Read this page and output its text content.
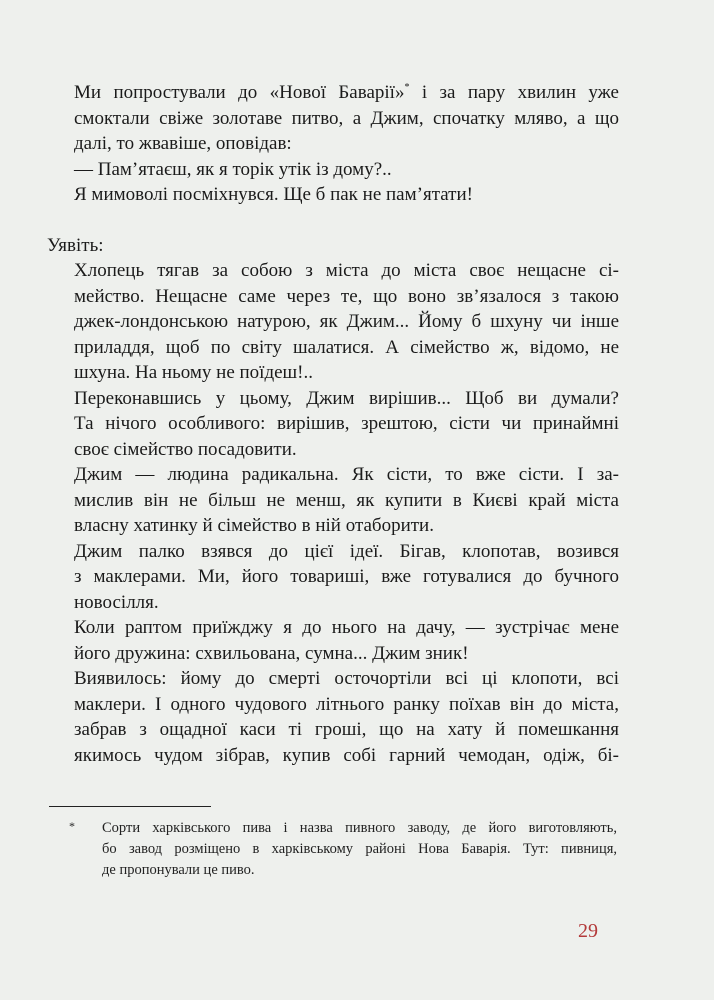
Ми попростували до «Нової Баварії»* і за пару хвилин уже
смоктали свіже золотаве питво, а Джим, спочатку мляво, а що
далі, то жвавіше, оповідав:

— Пам’ятаєш, як я торік утік із дому?..

Я мимоволі посміхнувся. Ще б пак не пам’ятати!

Уявіть:

Хлопець тягав за собою з міста до міста своє нещасне сі-
мейство. Нещасне саме через те, що воно зв’язалося з такою
джек-лондонською натурою, як Джим... Йому б шхуну чи інше
приладдя, щоб по світу шалатися. А сімейство ж, відомо, не
шхуна. На ньому не поїдеш!..

Переконавшись у цьому, Джим вирішив... Щоб ви думали?
Та нічого особливого: вирішив, зрештою, сісти чи принаймні
своє сімейство посадовити.

Джим — людина радикальна. Як сісти, то вже сісти. І за-
мислив він не більш не менш, як купити в Києві край міста
власну хатинку й сімейство в ній отаборити.

Джим палко взявся до цієї ідеї. Бігав, клопотав, возився
з маклерами. Ми, його товариші, вже готувалися до бучного
новосілля.

Коли раптом приїжджу я до нього на дачу, — зустрічає мене
його дружина: схвильована, сумна... Джим зник!

Виявилось: йому до смерті осточортіли всі ці клопоти, всі
маклери. І одного чудового літнього ранку поїхав він до міста,
забрав з ощадної каси ті гроші, що на хату й помешкання
якимось чудом зібрав, купив собі гарний чемодан, одіж, бі-

* Сорти харківського пива і назва пивного заводу, де його виготовляють,
бо завод розміщено в харківському районі Нова Баварія. Тут: пивниця,
де пропонували це пиво.
29
